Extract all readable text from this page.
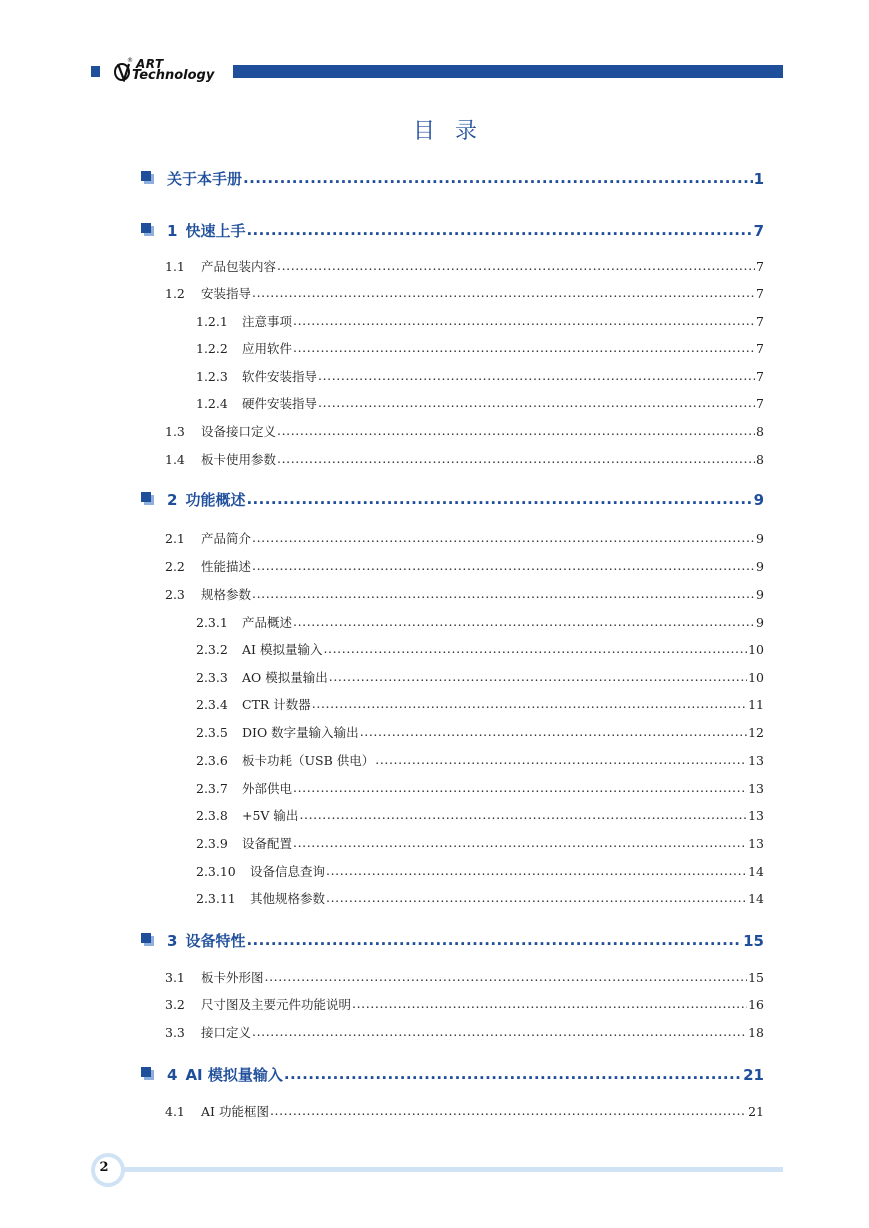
® ART
Technology
目录
关于本手册 .....	1
1 快速上手 .....	7
1.1	产品包装内容 .....	7
1.2	安装指导 .....	7
1.2.1	注意事项 .....	7
1.2.2	应用软件 .....	7
1.2.3	软件安装指导 .....	7
1.2.4	硬件安装指导 .....	7
1.3	设备接口定义 .....	8
1.4	板卡使用参数 .....	8
2 功能概述 .....	9
2.1	产品简介 .....	9
2.2	性能描述 .....	9
2.3	规格参数 .....	9
2.3.1	产品概述 .....	9
2.3.2	AI 模拟量输入 .....	10
2.3.3	AO 模拟量输出 .....	10
2.3.4	CTR 计数器 .....	11
2.3.5	DIO 数字量输入输出 .....	12
2.3.6	板卡功耗（USB 供电） .....	13
2.3.7	外部供电 .....	13
2.3.8	+5V 输出 .....	13
2.3.9	设备配置 .....	13
2.3.10	设备信息查询 .....	14
2.3.11	其他规格参数 .....	14
3 设备特性 .....	15
3.1	板卡外形图 .....	15
3.2	尺寸图及主要元件功能说明 .....	16
3.3	接口定义 .....	18
4 AI 模拟量输入 .....	21
4.1	AI 功能框图 .....	21
2
